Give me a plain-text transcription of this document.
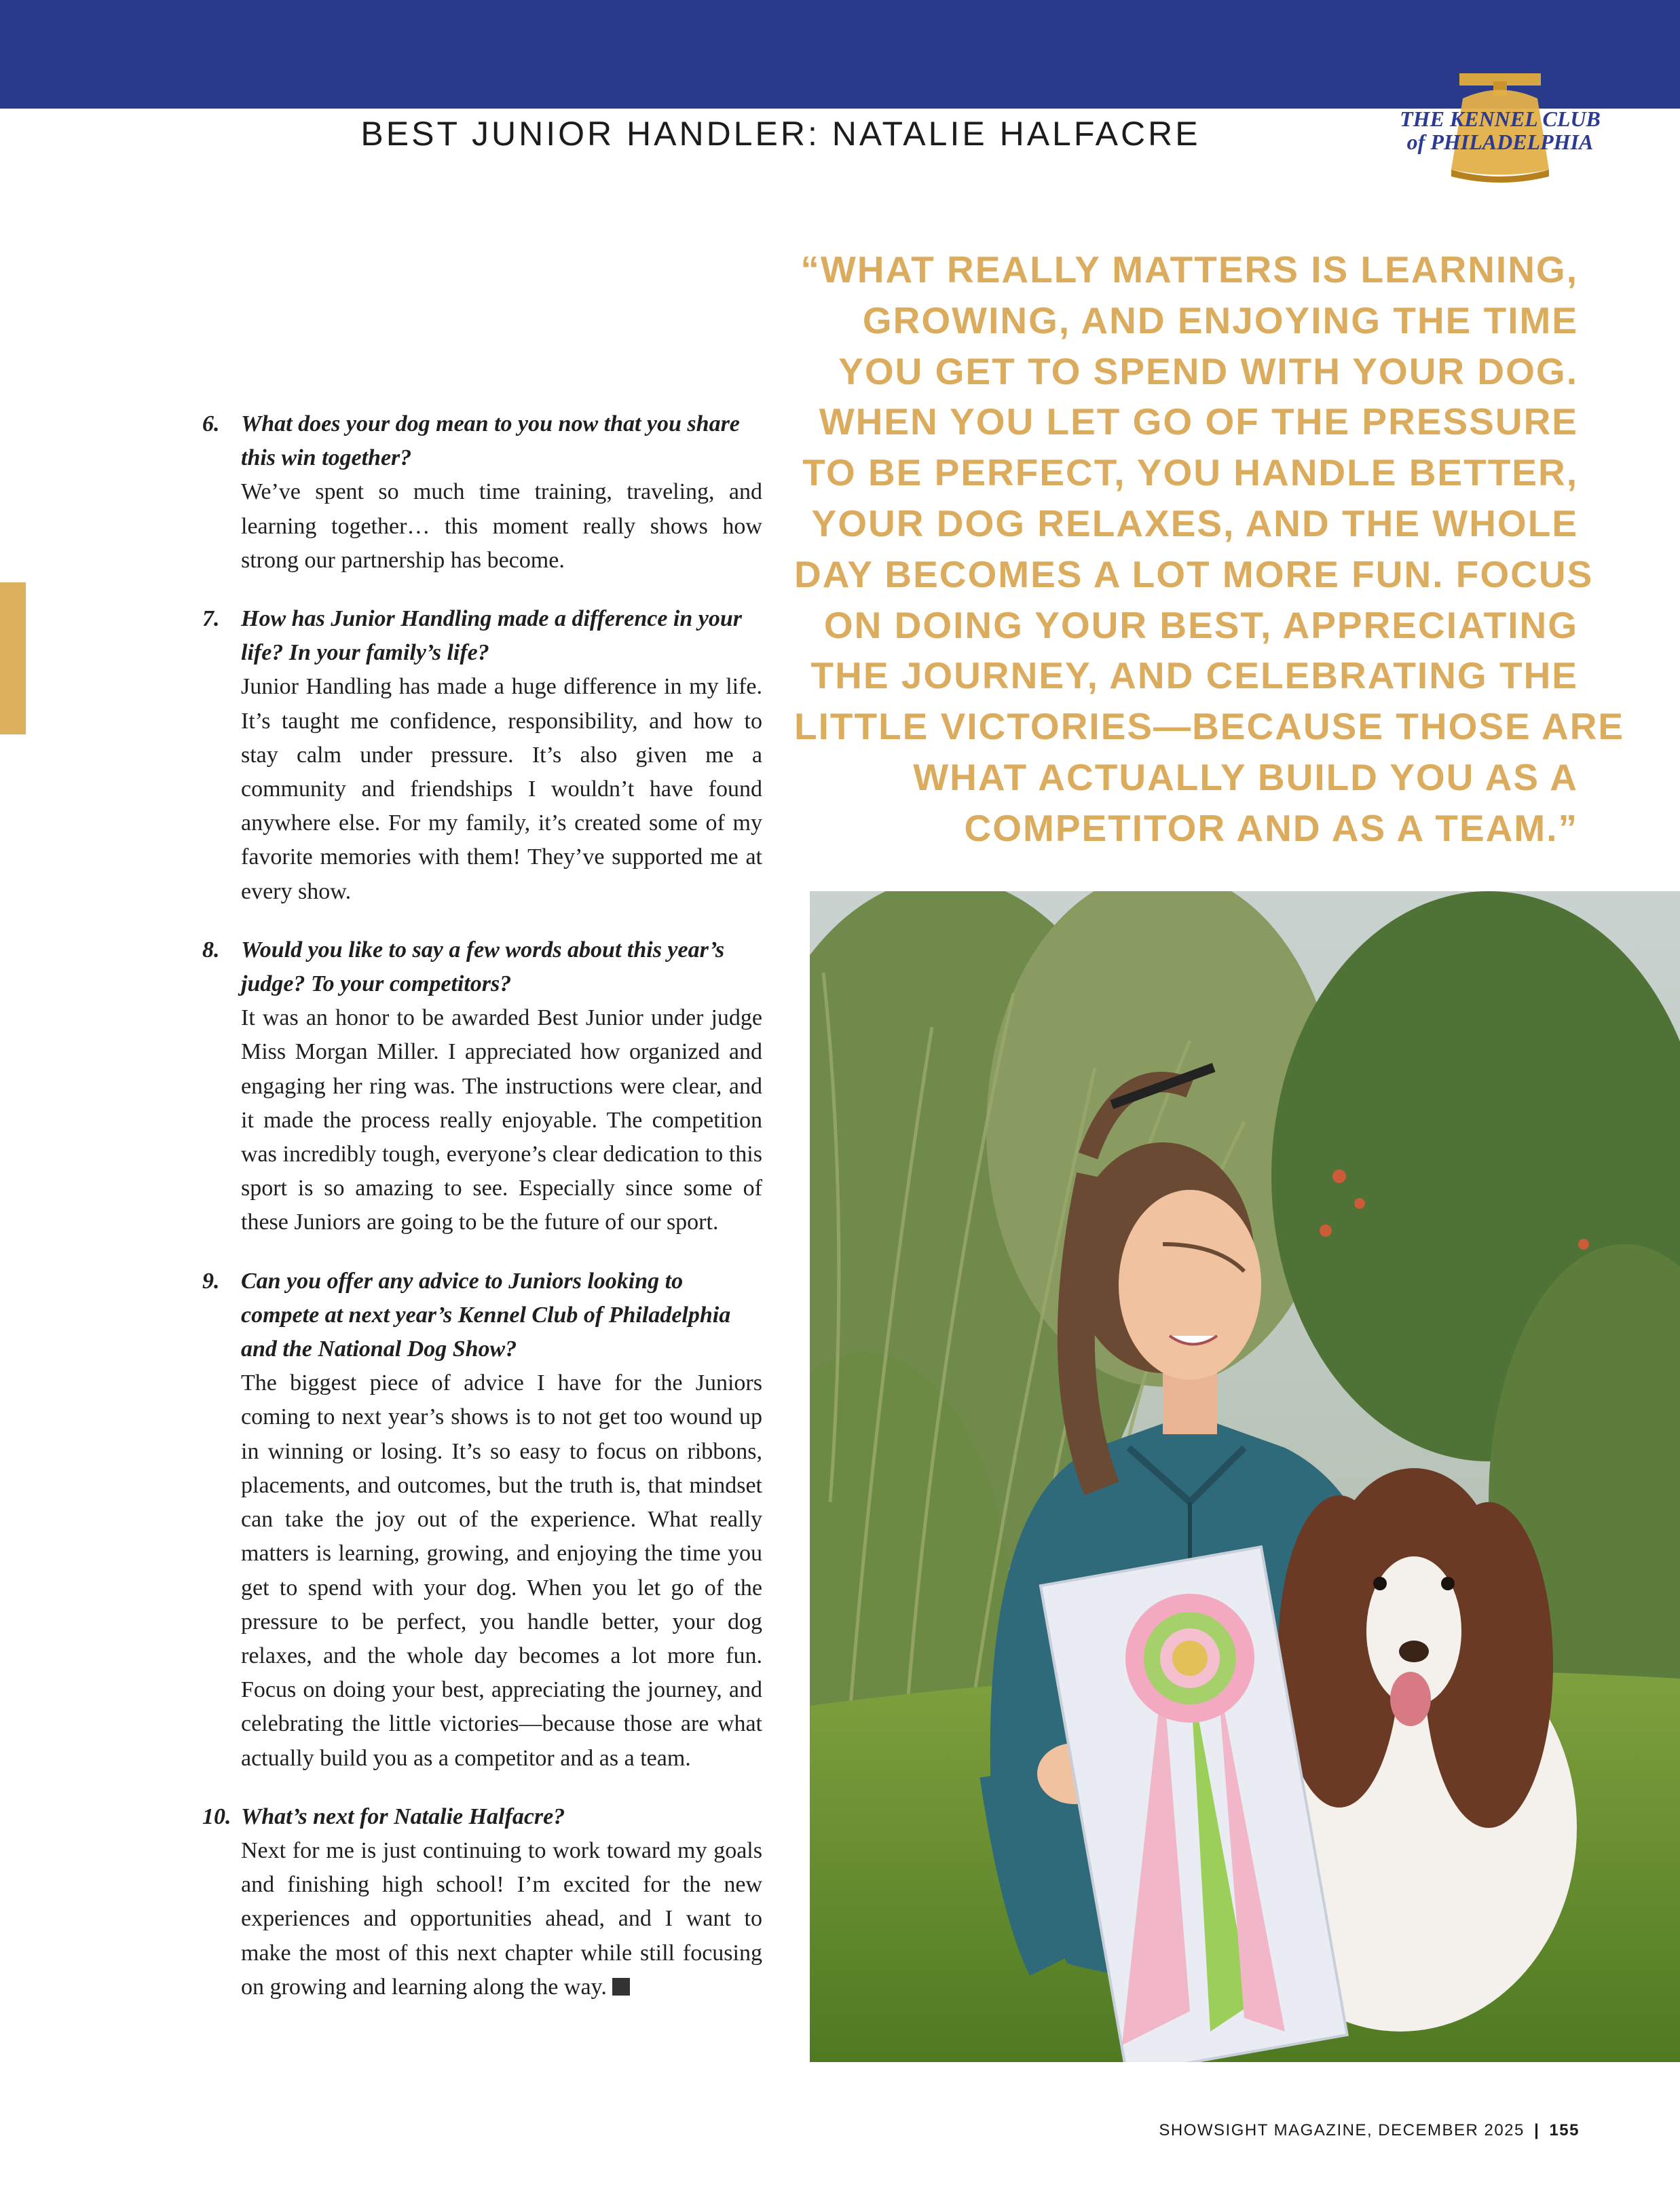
BEST JUNIOR HANDLER: NATALIE HALFACRE	THE KENNEL CLUB
of PHILADELPHIA
6. What does your dog mean to you now that you share this win together?
We’ve spent so much time training, traveling, and learning together… this moment really shows how strong our partnership has become.
7. How has Junior Handling made a difference in your life? In your family’s life?
Junior Handling has made a huge difference in my life. It’s taught me confidence, responsibility, and how to stay calm under pressure. It’s also given me a community and friendships I wouldn’t have found anywhere else. For my family, it’s created some of my favorite memories with them! They’ve supported me at every show.
8. Would you like to say a few words about this year’s judge? To your competitors?
It was an honor to be awarded Best Junior under judge Miss Morgan Miller. I appreciated how organized and engaging her ring was. The instructions were clear, and it made the process really enjoyable. The competition was incredibly tough, everyone’s clear dedication to this sport is so amazing to see. Especially since some of these Juniors are going to be the future of our sport.
9. Can you offer any advice to Juniors looking to compete at next year’s Kennel Club of Philadelphia and the National Dog Show?
The biggest piece of advice I have for the Juniors coming to next year’s shows is to not get too wound up in winning or losing. It’s so easy to focus on ribbons, placements, and outcomes, but the truth is, that mindset can take the joy out of the experience. What really matters is learning, growing, and enjoying the time you get to spend with your dog. When you let go of the pressure to be perfect, you handle better, your dog relaxes, and the whole day becomes a lot more fun. Focus on doing your best, appreciating the journey, and celebrating the little victories—because those are what actually build you as a competitor and as a team.
10. What’s next for Natalie Halfacre?
Next for me is just continuing to work toward my goals and finishing high school! I’m excited for the new experiences and opportunities ahead, and I want to make the most of this next chapter while still focusing on growing and learning along the way.
“WHAT REALLY MATTERS IS LEARNING,
GROWING, AND ENJOYING THE TIME
YOU GET TO SPEND WITH YOUR DOG.
WHEN YOU LET GO OF THE PRESSURE
TO BE PERFECT, YOU HANDLE BETTER,
YOUR DOG RELAXES, AND THE WHOLE
DAY BECOMES A LOT MORE FUN. FOCUS
ON DOING YOUR BEST, APPRECIATING
THE JOURNEY, AND CELEBRATING THE
LITTLE VICTORIES—BECAUSE THOSE ARE
WHAT ACTUALLY BUILD YOU AS A
COMPETITOR AND AS A TEAM.”
SHOWSIGHT MAGAZINE, DECEMBER 2025 | 155
